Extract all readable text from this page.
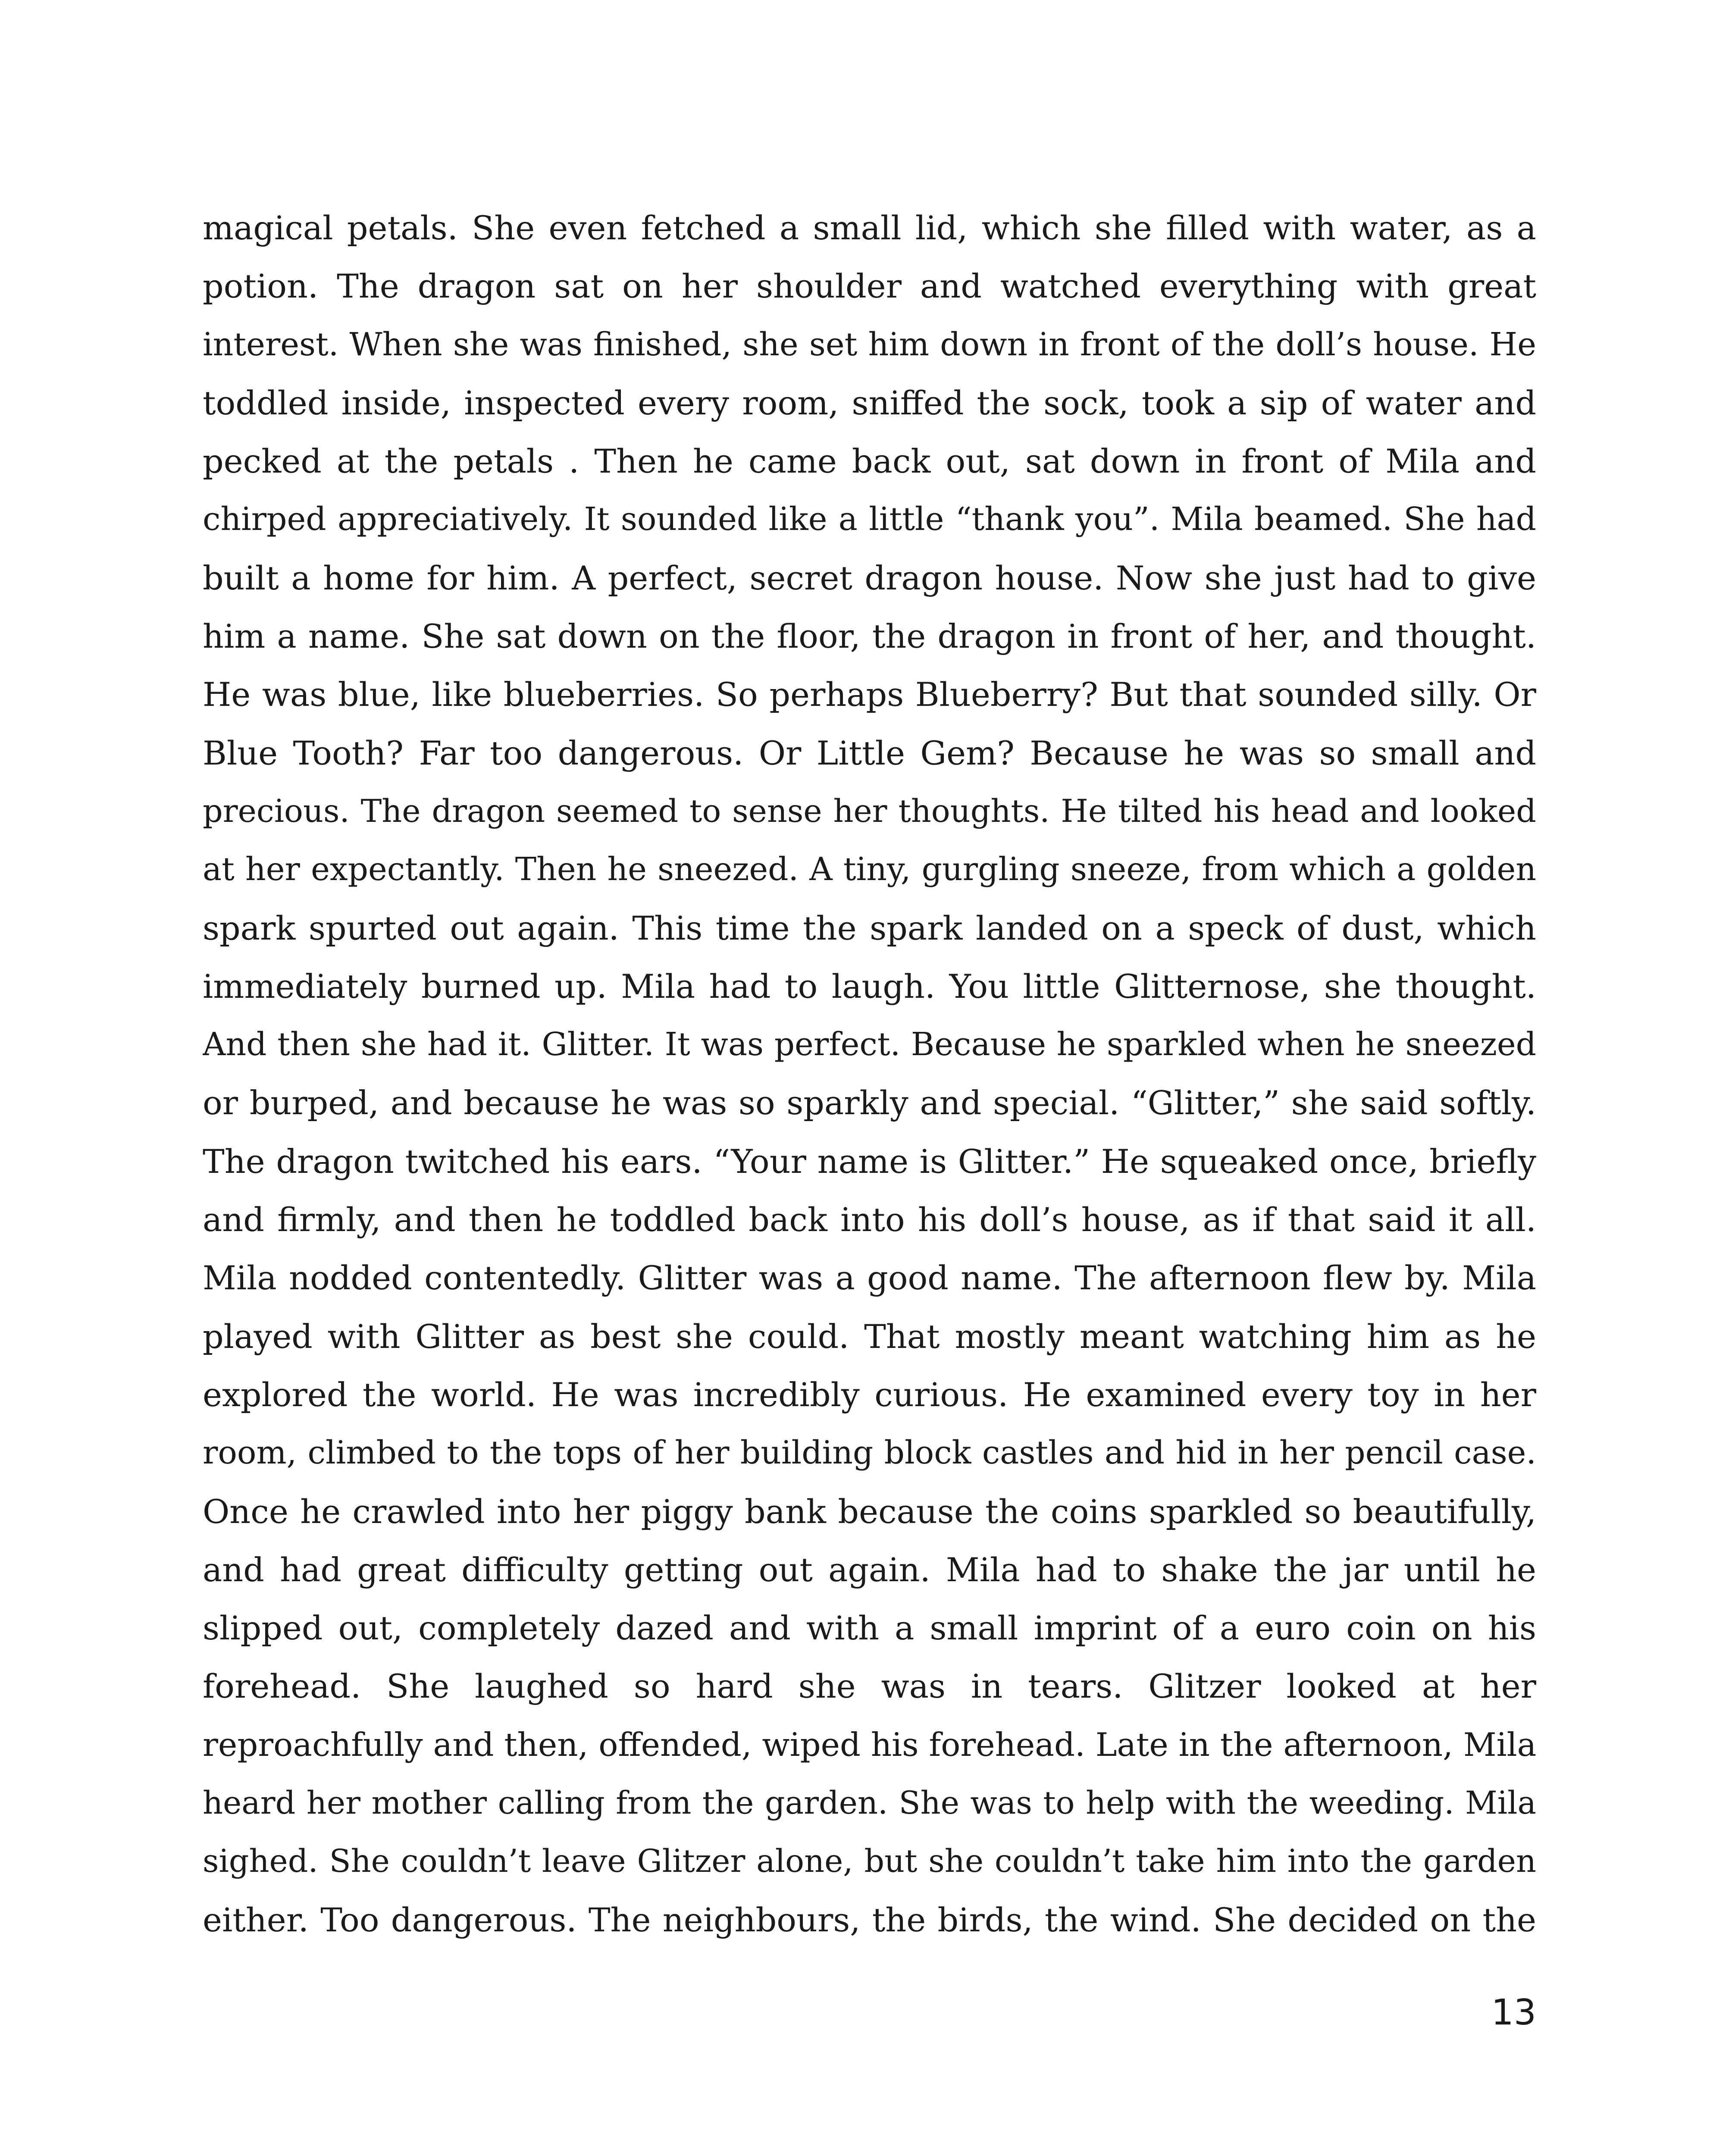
magical petals. She even fetched a small lid, which she filled with water, as a
potion. The dragon sat on her shoulder and watched everything with great
interest. When she was finished, she set him down in front of the doll’s house. He
toddled inside, inspected every room, sniffed the sock, took a sip of water and
pecked at the petals . Then he came back out, sat down in front of Mila and
chirped appreciatively. It sounded like a little “thank you”. Mila beamed. She had
built a home for him. A perfect, secret dragon house. Now she just had to give
him a name. She sat down on the floor, the dragon in front of her, and thought.
He was blue, like blueberries. So perhaps Blueberry? But that sounded silly. Or
Blue Tooth? Far too dangerous. Or Little Gem? Because he was so small and
precious. The dragon seemed to sense her thoughts. He tilted his head and looked
at her expectantly. Then he sneezed. A tiny, gurgling sneeze, from which a golden
spark spurted out again. This time the spark landed on a speck of dust, which
immediately burned up. Mila had to laugh. You little Glitternose, she thought.
And then she had it. Glitter. It was perfect. Because he sparkled when he sneezed
or burped, and because he was so sparkly and special. “Glitter,” she said softly.
The dragon twitched his ears. “Your name is Glitter.” He squeaked once, briefly
and firmly, and then he toddled back into his doll’s house, as if that said it all.
Mila nodded contentedly. Glitter was a good name. The afternoon flew by. Mila
played with Glitter as best she could. That mostly meant watching him as he
explored the world. He was incredibly curious. He examined every toy in her
room, climbed to the tops of her building block castles and hid in her pencil case.
Once he crawled into her piggy bank because the coins sparkled so beautifully,
and had great difficulty getting out again. Mila had to shake the jar until he
slipped out, completely dazed and with a small imprint of a euro coin on his
forehead. She laughed so hard she was in tears. Glitzer looked at her
reproachfully and then, offended, wiped his forehead. Late in the afternoon, Mila
heard her mother calling from the garden. She was to help with the weeding. Mila
sighed. She couldn’t leave Glitzer alone, but she couldn’t take him into the garden
either. Too dangerous. The neighbours, the birds, the wind. She decided on the
13
